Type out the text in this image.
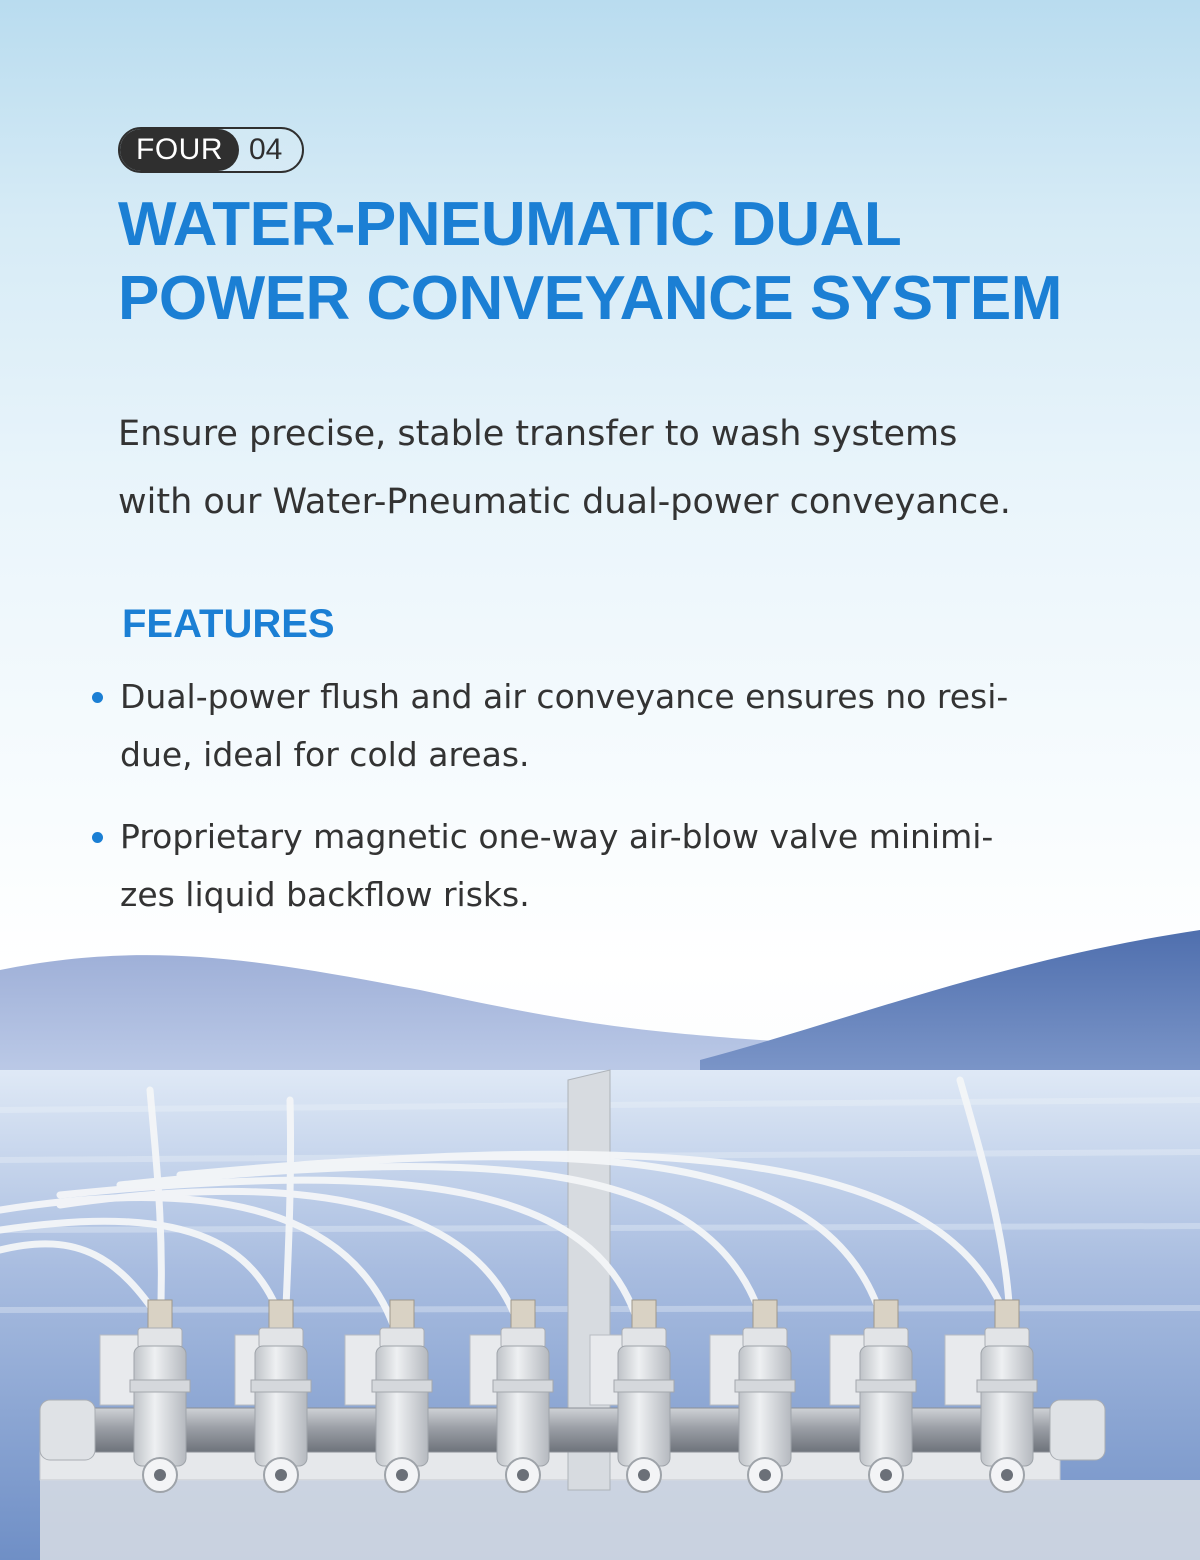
FOUR 04
WATER-PNEUMATIC DUAL
POWER CONVEYANCE SYSTEM

Ensure precise, stable transfer to wash systems
with our Water-Pneumatic dual-power conveyance.

FEATURES
Dual-power flush and air conveyance ensures no resi-
due, ideal for cold areas.
Proprietary magnetic one-way air-blow valve minimi-
zes liquid backflow risks.
